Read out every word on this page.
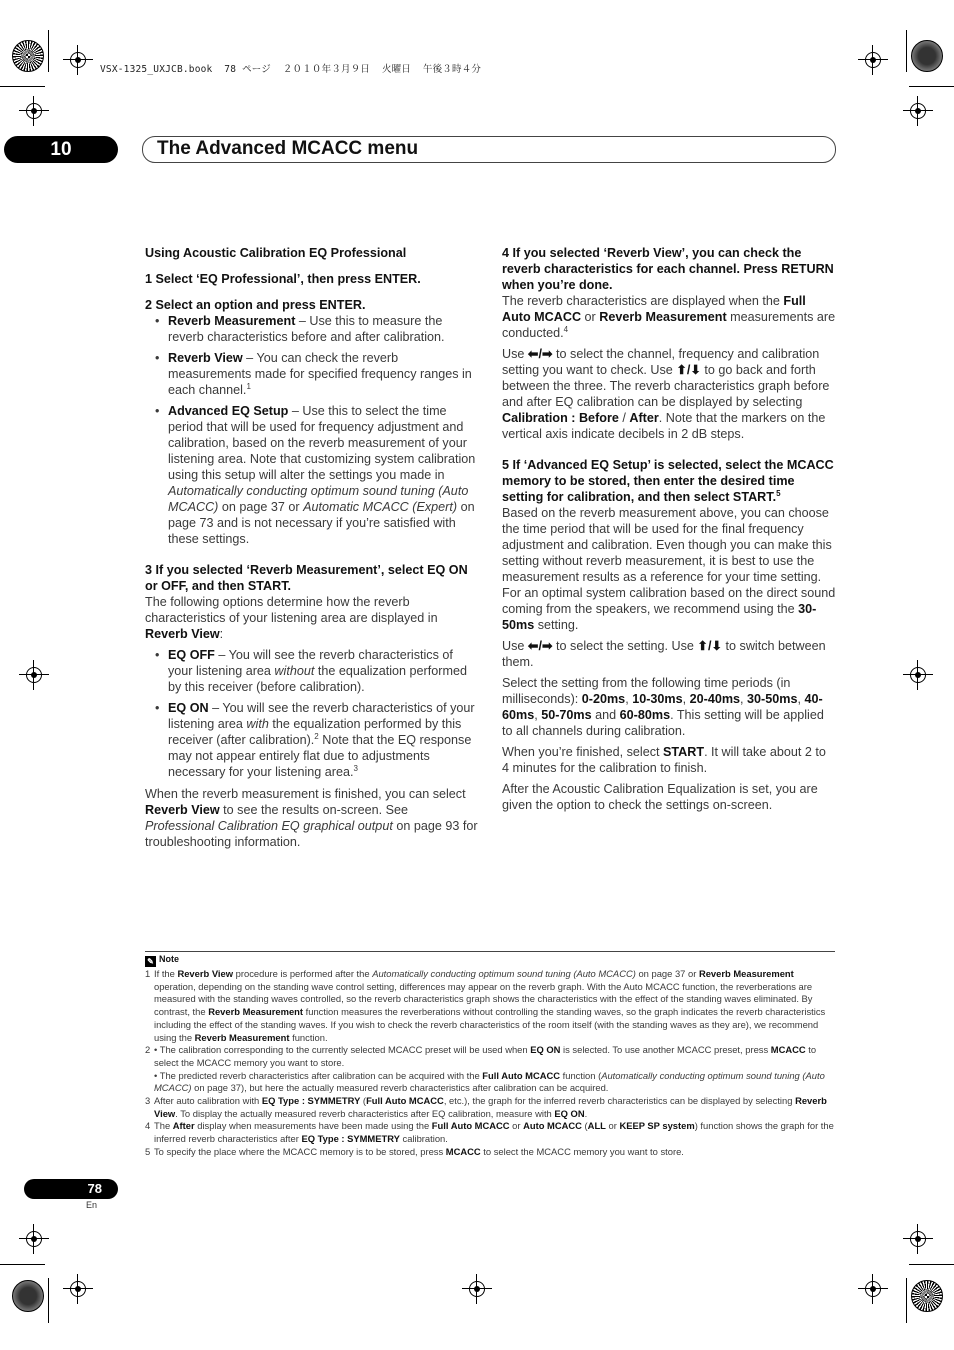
VSX-1325_UXJCB.book  78 ページ  ２０１０年３月９日  火曜日  午後３時４分
10	The Advanced MCACC menu

Using Acoustic Calibration EQ Professional

1 Select ‘EQ Professional’, then press ENTER.

2 Select an option and press ENTER.

• Reverb Measurement – Use this to measure the reverb characteristics before and after calibration.
• Reverb View – You can check the reverb measurements made for specified frequency ranges in each channel.$^1$
• Advanced EQ Setup – Use this to select the time period that will be used for frequency adjustment and calibration, based on the reverb measurement of your listening area. Note that customizing system calibration using this setup will alter the settings you made in Automatically conducting optimum sound tuning (Auto MCACC) on page 37 or Automatic MCACC (Expert) on page 73 and is not necessary if you’re satisfied with these settings.

3 If you selected ‘Reverb Measurement’, select EQ ON or OFF, and then START.

The following options determine how the reverb characteristics of your listening area are displayed in Reverb View:

• EQ OFF – You will see the reverb characteristics of your listening area without the equalization performed by this receiver (before calibration).
• EQ ON – You will see the reverb characteristics of your listening area with the equalization performed by this receiver (after calibration).$^2$ Note that the EQ response may not appear entirely flat due to adjustments necessary for your listening area.$^3$

When the reverb measurement is finished, you can select Reverb View to see the results on-screen. See Professional Calibration EQ graphical output on page 93 for troubleshooting information.

4 If you selected ‘Reverb View’, you can check the reverb characteristics for each channel. Press RETURN when you’re done.

The reverb characteristics are displayed when the Full Auto MCACC or Reverb Measurement measurements are conducted.$^4$

Use ⬅/➡ to select the channel, frequency and calibration setting you want to check. Use ⬆/⬇ to go back and forth between the three. The reverb characteristics graph before and after EQ calibration can be displayed by selecting Calibration : Before / After. Note that the markers on the vertical axis indicate decibels in 2 dB steps.

5 If ‘Advanced EQ Setup’ is selected, select the MCACC memory to be stored, then enter the desired time setting for calibration, and then select START.$^5$

Based on the reverb measurement above, you can choose the time period that will be used for the final frequency adjustment and calibration. Even though you can make this setting without reverb measurement, it is best to use the measurement results as a reference for your time setting. For an optimal system calibration based on the direct sound coming from the speakers, we recommend using the 30-50ms setting.

Use ⬅/➡ to select the setting. Use ⬆/⬇ to switch between them.

Select the setting from the following time periods (in milliseconds): 0-20ms, 10-30ms, 20-40ms, 30-50ms, 40-60ms, 50-70ms and 60-80ms. This setting will be applied to all channels during calibration.

When you’re finished, select START. It will take about 2 to 4 minutes for the calibration to finish.

After the Acoustic Calibration Equalization is set, you are given the option to check the settings on-screen.

✎ Note
1 If the Reverb View procedure is performed after the Automatically conducting optimum sound tuning (Auto MCACC) on page 37 or Reverb Measurement operation, depending on the standing wave control setting, differences may appear on the reverb graph. With the Auto MCACC function, the reverberations are measured with the standing waves controlled, so the reverb characteristics graph shows the characteristics with the effect of the standing waves eliminated. By contrast, the Reverb Measurement function measures the reverberations without controlling the standing waves, so the graph indicates the reverb characteristics including the effect of the standing waves. If you wish to check the reverb characteristics of the room itself (with the standing waves as they are), we recommend using the Reverb Measurement function.
2 • The calibration corresponding to the currently selected MCACC preset will be used when EQ ON is selected. To use another MCACC preset, press MCACC to select the MCACC memory you want to store.
• The predicted reverb characteristics after calibration can be acquired with the Full Auto MCACC function (Automatically conducting optimum sound tuning (Auto MCACC) on page 37), but here the actually measured reverb characteristics after calibration can be acquired.
3 After auto calibration with EQ Type : SYMMETRY (Full Auto MCACC, etc.), the graph for the inferred reverb characteristics can be displayed by selecting Reverb View. To display the actually measured reverb characteristics after EQ calibration, measure with EQ ON.
4 The After display when measurements have been made using the Full Auto MCACC or Auto MCACC (ALL or KEEP SP system) function shows the graph for the inferred reverb characteristics after EQ Type : SYMMETRY calibration.
5 To specify the place where the MCACC memory is to be stored, press MCACC to select the MCACC memory you want to store.
78
En
